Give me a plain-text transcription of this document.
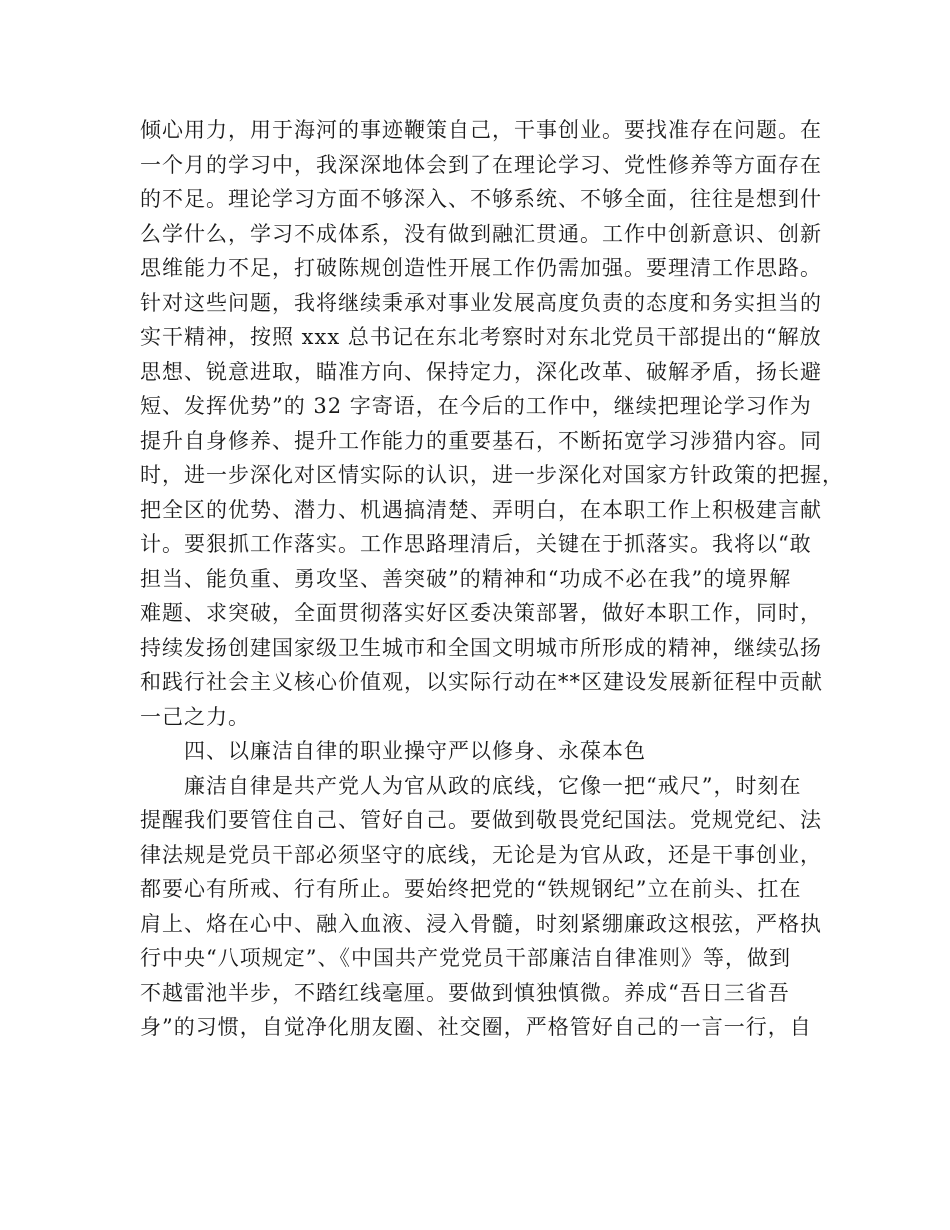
倾心用力，用于海河的事迹鞭策自己，干事创业。要找准存在问题。在
一个月的学习中，我深深地体会到了在理论学习、党性修养等方面存在
的不足。理论学习方面不够深入、不够系统、不够全面，往往是想到什
么学什么，学习不成体系，没有做到融汇贯通。工作中创新意识、创新
思维能力不足，打破陈规创造性开展工作仍需加强。要理清工作思路。
针对这些问题，我将继续秉承对事业发展高度负责的态度和务实担当的
实干精神，按照 xxx 总书记在东北考察时对东北党员干部提出的“解放
思想、锐意进取，瞄准方向、保持定力，深化改革、破解矛盾，扬长避
短、发挥优势”的 32 字寄语，在今后的工作中，继续把理论学习作为
提升自身修养、提升工作能力的重要基石，不断拓宽学习涉猎内容。同
时，进一步深化对区情实际的认识，进一步深化对国家方针政策的把握，
把全区的优势、潜力、机遇搞清楚、弄明白，在本职工作上积极建言献
计。要狠抓工作落实。工作思路理清后，关键在于抓落实。我将以“敢
担当、能负重、勇攻坚、善突破”的精神和“功成不必在我”的境界解
难题、求突破，全面贯彻落实好区委决策部署，做好本职工作，同时，
持续发扬创建国家级卫生城市和全国文明城市所形成的精神，继续弘扬
和践行社会主义核心价值观，以实际行动在**区建设发展新征程中贡献
一己之力。
四、以廉洁自律的职业操守严以修身、永葆本色
廉洁自律是共产党人为官从政的底线，它像一把“戒尺”，时刻在
提醒我们要管住自己、管好自己。要做到敬畏党纪国法。党规党纪、法
律法规是党员干部必须坚守的底线，无论是为官从政，还是干事创业，
都要心有所戒、行有所止。要始终把党的“铁规钢纪”立在前头、扛在
肩上、烙在心中、融入血液、浸入骨髓，时刻紧绷廉政这根弦，严格执
行中央“八项规定”、《中国共产党党员干部廉洁自律准则》等，做到
不越雷池半步，不踏红线毫厘。要做到慎独慎微。养成“吾日三省吾
身”的习惯，自觉净化朋友圈、社交圈，严格管好自己的一言一行，自
